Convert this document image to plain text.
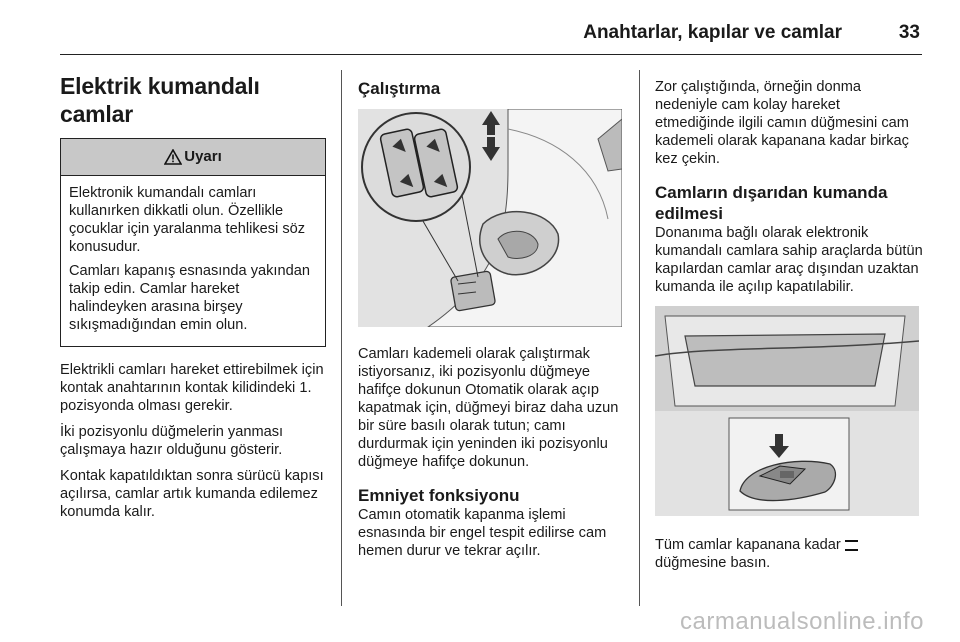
Anahtarlar, kapılar ve camlar	33
Elektrik kumandalı camlar
Uyarı

Elektronik kumandalı camları kullanırken dikkatli olun. Özellikle çocuklar için yaralanma tehlikesi söz konusudur.

Camları kapanış esnasında yakından takip edin. Camlar hareket halindeyken arasına birşey sıkışmadığından emin olun.

Elektrikli camları hareket ettirebilmek için kontak anahtarının kontak kilidindeki 1. pozisyonda olması gerekir.

İki pozisyonlu düğmelerin yanması çalışmaya hazır olduğunu gösterir.

Kontak kapatıldıktan sonra sürücü kapısı açılırsa, camlar artık kumanda edilemez konumda kalır.

Çalıştırma

Camları kademeli olarak çalıştırmak istiyorsanız, iki pozisyonlu düğmeye hafifçe dokunun Otomatik olarak açıp kapatmak için, düğmeyi biraz daha uzun bir süre basılı olarak tutun; camı durdurmak için yeninden iki pozisyonlu düğmeye hafifçe dokunun.

Emniyet fonksiyonu

Camın otomatik kapanma işlemi esnasında bir engel tespit edilirse cam hemen durur ve tekrar açılır.

Zor çalıştığında, örneğin donma nedeniyle cam kolay hareket etmediğinde ilgili camın düğmesini cam kademeli olarak kapanana kadar birkaç kez çekin.

Camların dışarıdan kumanda edilmesi

Donanıma bağlı olarak elektronik kumandalı camlara sahip araçlarda bütün kapılardan camlar araç dışından uzaktan kumanda ile açılıp kapatılabilir.

Tüm camlar kapanana kadar
düğmesine basın.

carmanualsonline.info
